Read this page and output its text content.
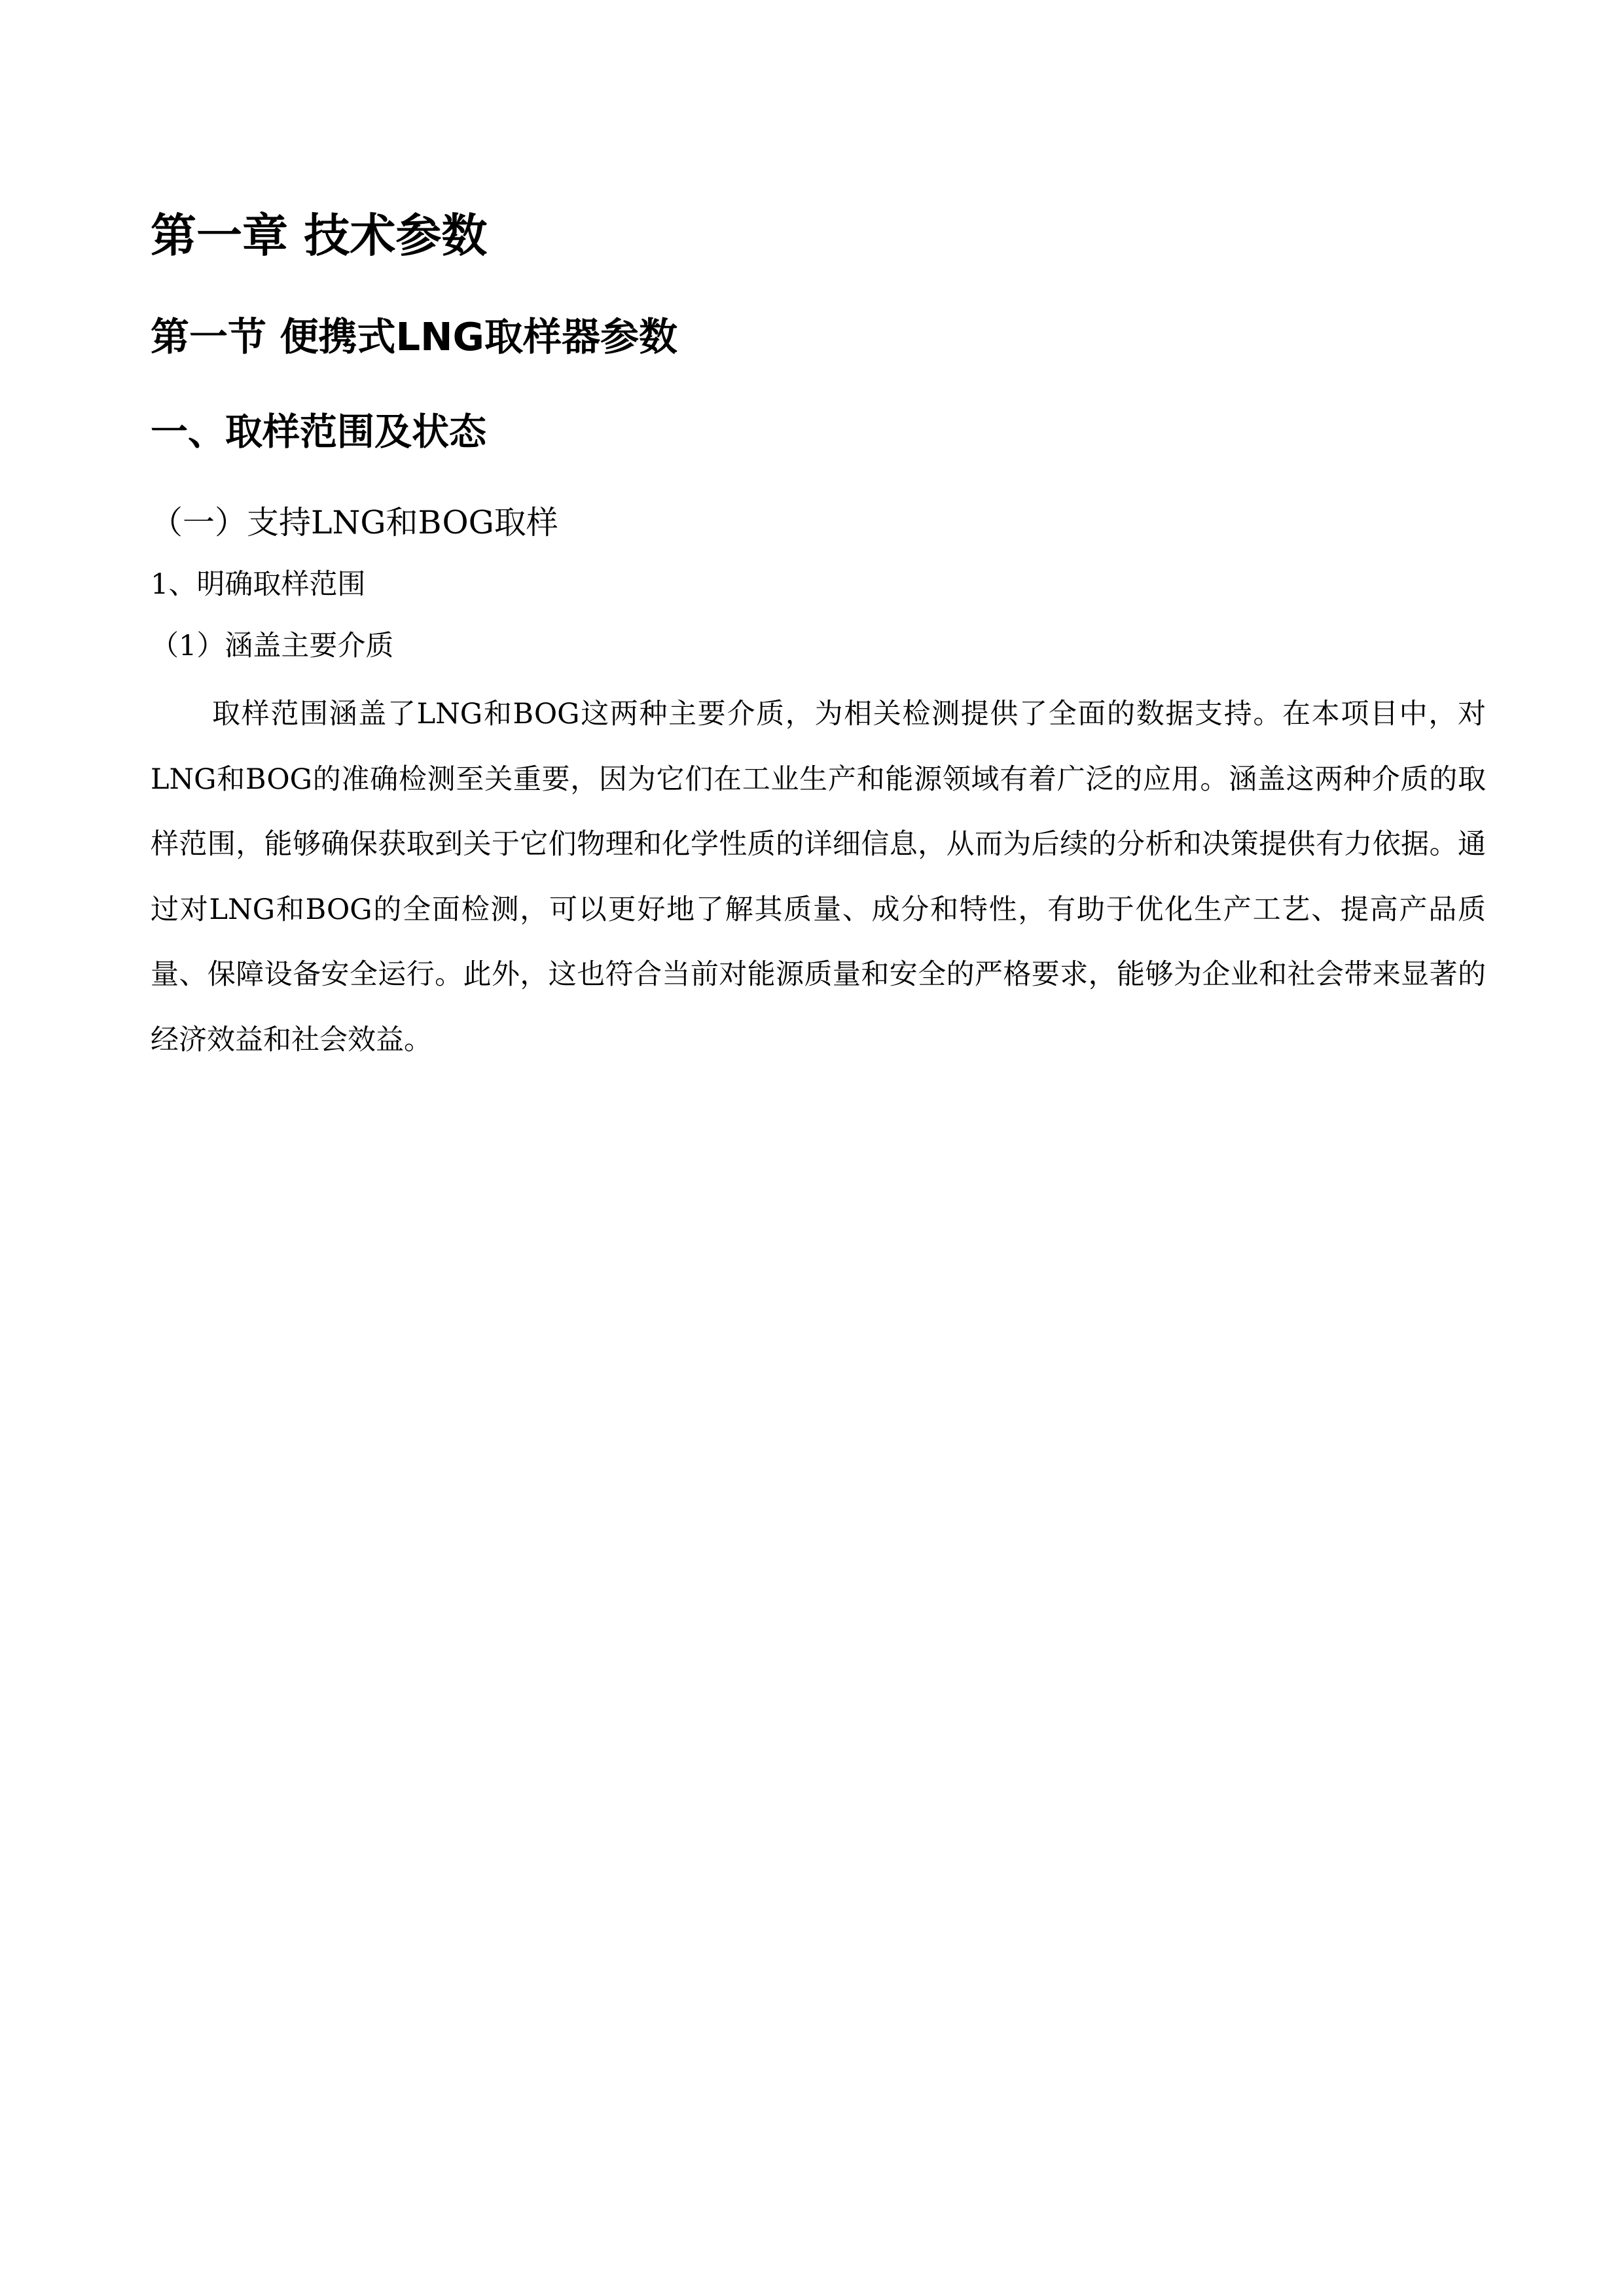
第一章 技术参数
第一节 便携式LNG取样器参数
一、取样范围及状态
（一）支持LNG和BOG取样
1、明确取样范围
（1）涵盖主要介质

取样范围涵盖了LNG和BOG这两种主要介质，为相关检测提供了全面的数据支持。在本项目中，对LNG和BOG的准确检测至关重要，因为它们在工业生产和能源领域有着广泛的应用。涵盖这两种介质的取样范围，能够确保获取到关于它们物理和化学性质的详细信息，从而为后续的分析和决策提供有力依据。通过对LNG和BOG的全面检测，可以更好地了解其质量、成分和特性，有助于优化生产工艺、提高产品质量、保障设备安全运行。此外，这也符合当前对能源质量和安全的严格要求，能够为企业和社会带来显著的经济效益和社会效益。
